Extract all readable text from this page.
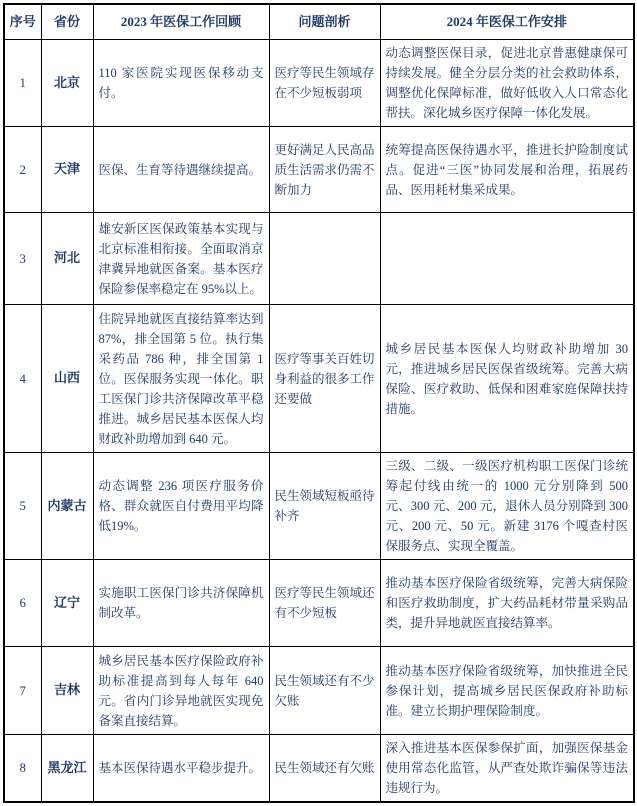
序号	省份	2023 年医保工作回顾	问题剖析	2024 年医保工作安排
1	北京	110 家医院实现医保移动支付。	医疗等民生领域存在不少短板弱项	动态调整医保目录，促进北京普惠健康保可持续发展。健全分层分类的社会救助体系，调整优化保障标准，做好低收入人口常态化帮扶。深化城乡医疗保障一体化发展。
2	天津	医保、生育等待遇继续提高。	更好满足人民高品质生活需求仍需不断加力	统筹提高医保待遇水平，推进长护险制度试点。促进“三医”协同发展和治理，拓展药品、医用耗材集采成果。
3	河北	雄安新区医保政策基本实现与北京标准相衔接。全面取消京津冀异地就医备案。基本医疗保险参保率稳定在 95%以上。		
4	山西	住院异地就医直接结算率达到87%，排全国第 5 位。执行集采药品 786 种，排全国第 1 位。医保服务实现一体化。职工医保门诊共济保障改革平稳推进。城乡居民基本医保人均财政补助增加到 640 元。	医疗等事关百姓切身利益的很多工作还要做	城乡居民基本医保人均财政补助增加 30 元，推进城乡居民医保省级统筹。完善大病保险、医疗救助、低保和困难家庭保障扶持措施。
5	内蒙古	动态调整 236 项医疗服务价格、群众就医自付费用平均降低19%。	民生领域短板亟待补齐	三级、二级、一级医疗机构职工医保门诊统筹起付线由统一的 1000 元分别降到 500 元、300 元、200 元，退休人员分别降到 300 元、200 元、50 元。新建 3176 个嘎查村医保服务点、实现全覆盖。
6	辽宁	实施职工医保门诊共济保障机制改革。	医疗等民生领域还有不少短板	推动基本医疗保险省级统筹，完善大病保险和医疗救助制度，扩大药品耗材带量采购品类，提升异地就医直接结算率。
7	吉林	城乡居民基本医疗保险政府补助标准提高到每人每年 640 元。省内门诊异地就医实现免备案直接结算。	民生领域还有不少欠账	推动基本医疗保险省级统筹，加快推进全民参保计划，提高城乡居民医保政府补助标准。建立长期护理保险制度。
8	黑龙江	基本医保待遇水平稳步提升。	民生领域还有欠账	深入推进基本医保参保扩面，加强医保基金使用常态化监管，从严查处欺诈骗保等违法违规行为。
